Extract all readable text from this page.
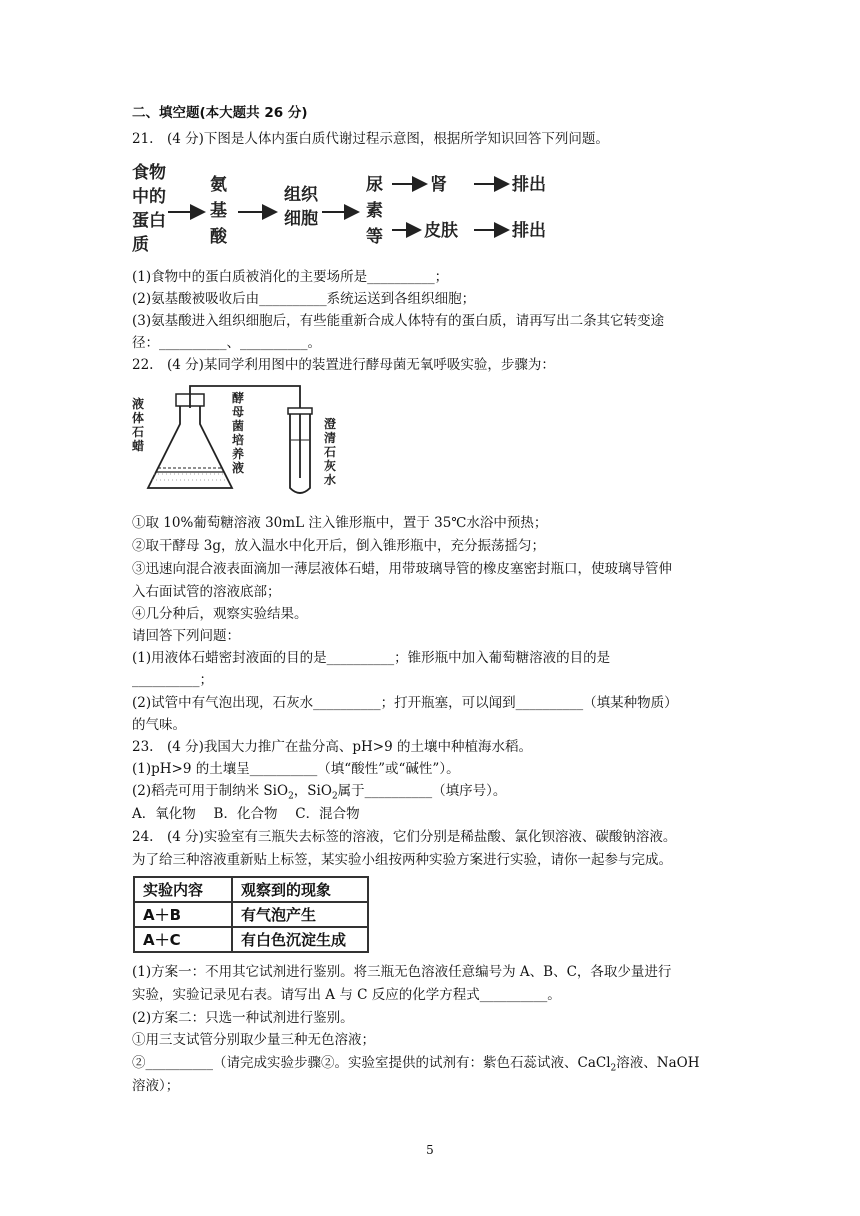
二、填空题(本大题共 26 分)
21.　(4 分)下图是人体内蛋白质代谢过程示意图，根据所学知识回答下列问题。
食物
中的
蛋白
质
氨
基
酸
组织
细胞
尿
素
等
肾	排出
皮肤	排出
(1)食物中的蛋白质被消化的主要场所是__________；
(2)氨基酸被吸收后由__________系统运送到各组织细胞；
(3)氨基酸进入组织细胞后，有些能重新合成人体特有的蛋白质，请再写出二条其它转变途
径：__________、__________。
22.　(4 分)某同学利用图中的装置进行酵母菌无氧呼吸实验，步骤为：
液
体
石
蜡
酵
母
菌
培
养
液
澄
清
石
灰
水
①取 10%葡萄糖溶液 30mL 注入锥形瓶中，置于 35℃水浴中预热；
②取干酵母 3g，放入温水中化开后，倒入锥形瓶中，充分振荡摇匀；
③迅速向混合液表面滴加一薄层液体石蜡，用带玻璃导管的橡皮塞密封瓶口，使玻璃导管伸
入右面试管的溶液底部；
④几分种后，观察实验结果。
请回答下列问题：
(1)用液体石蜡密封液面的目的是__________；锥形瓶中加入葡萄糖溶液的目的是
__________；
(2)试管中有气泡出现，石灰水__________；打开瓶塞，可以闻到__________（填某种物质）
的气味。
23.　(4 分)我国大力推广在盐分高、pH>9 的土壤中种植海水稻。
(1)pH>9 的土壤呈__________（填“酸性”或“碱性”）。
(2)稻壳可用于制纳米 SiO$_2$，SiO$_2$属于__________（填序号）。
A．氧化物　 B．化合物　 C．混合物
24.　(4 分)实验室有三瓶失去标签的溶液，它们分别是稀盐酸、氯化钡溶液、碳酸钠溶液。
为了给三种溶液重新贴上标签，某实验小组按两种实验方案进行实验，请你一起参与完成。
实验内容	观察到的现象
A＋B	有气泡产生
A＋C	有白色沉淀生成
(1)方案一：不用其它试剂进行鉴别。将三瓶无色溶液任意编号为 A、B、C，各取少量进行
实验，实验记录见右表。请写出 A 与 C 反应的化学方程式__________。
(2)方案二：只选一种试剂进行鉴别。
①用三支试管分别取少量三种无色溶液；
②__________（请完成实验步骤②。实验室提供的试剂有：紫色石蕊试液、CaCl$_2$溶液、NaOH
溶液）；
5
